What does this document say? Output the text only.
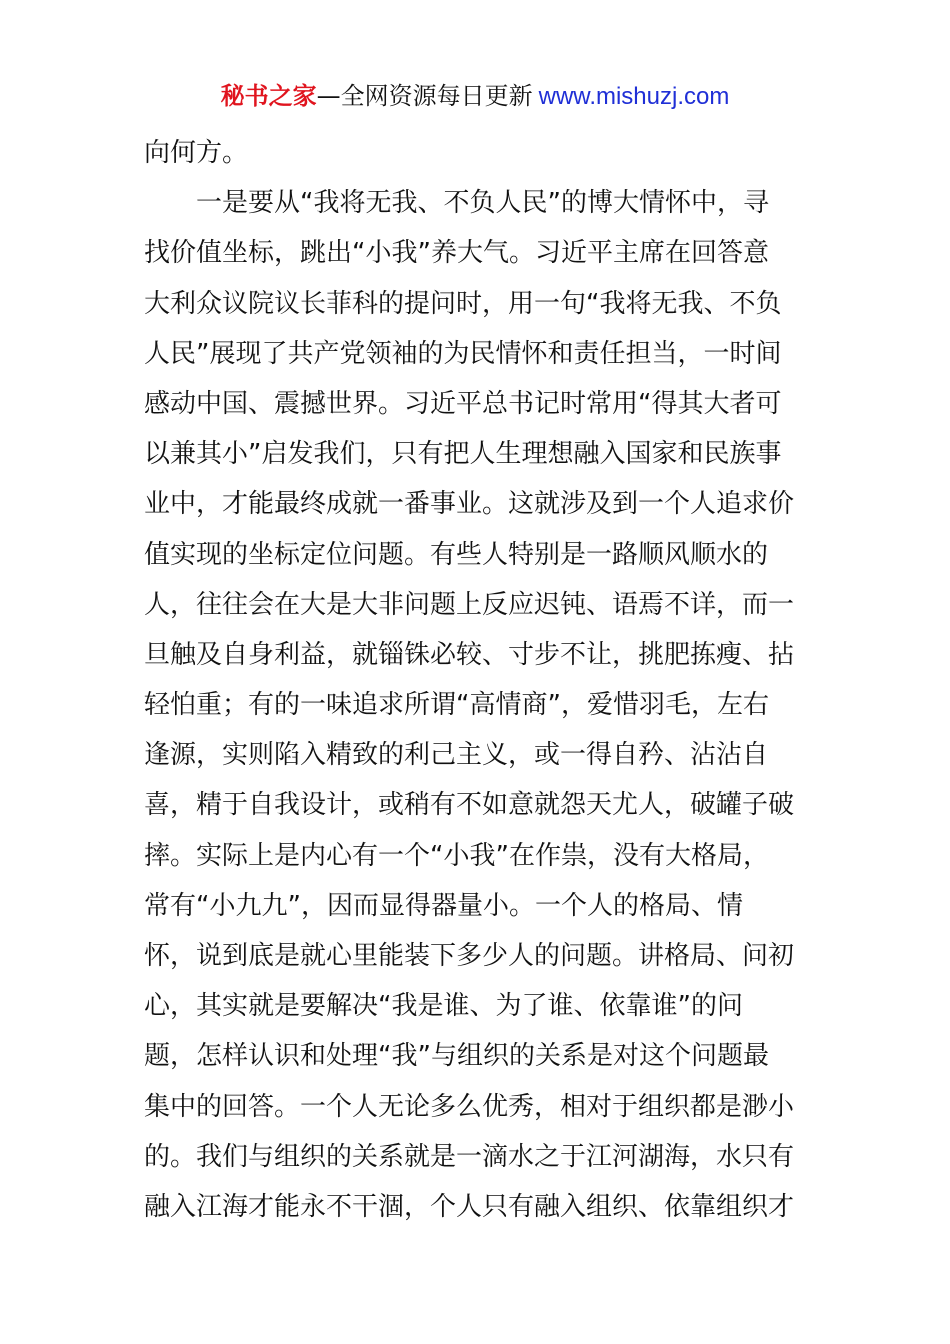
秘书之家—全网资源每日更新 www.mishuzj.com
向何方。
一是要从“我将无我、不负人民”的博大情怀中，寻
找价值坐标，跳出“小我”养大气。习近平主席在回答意
大利众议院议长菲科的提问时，用一句“我将无我、不负
人民”展现了共产党领袖的为民情怀和责任担当，一时间
感动中国、震撼世界。习近平总书记时常用“得其大者可
以兼其小”启发我们，只有把人生理想融入国家和民族事
业中，才能最终成就一番事业。这就涉及到一个人追求价
值实现的坐标定位问题。有些人特别是一路顺风顺水的
人，往往会在大是大非问题上反应迟钝、语焉不详，而一
旦触及自身利益，就锱铢必较、寸步不让，挑肥拣瘦、拈
轻怕重；有的一味追求所谓“高情商”，爱惜羽毛，左右
逢源，实则陷入精致的利己主义，或一得自矜、沾沾自
喜，精于自我设计，或稍有不如意就怨天尤人，破罐子破
摔。实际上是内心有一个“小我”在作祟，没有大格局，
常有“小九九”，因而显得器量小。一个人的格局、情
怀，说到底是就心里能装下多少人的问题。讲格局、问初
心，其实就是要解决“我是谁、为了谁、依靠谁”的问
题，怎样认识和处理“我”与组织的关系是对这个问题最
集中的回答。一个人无论多么优秀，相对于组织都是渺小
的。我们与组织的关系就是一滴水之于江河湖海，水只有
融入江海才能永不干涸，个人只有融入组织、依靠组织才
